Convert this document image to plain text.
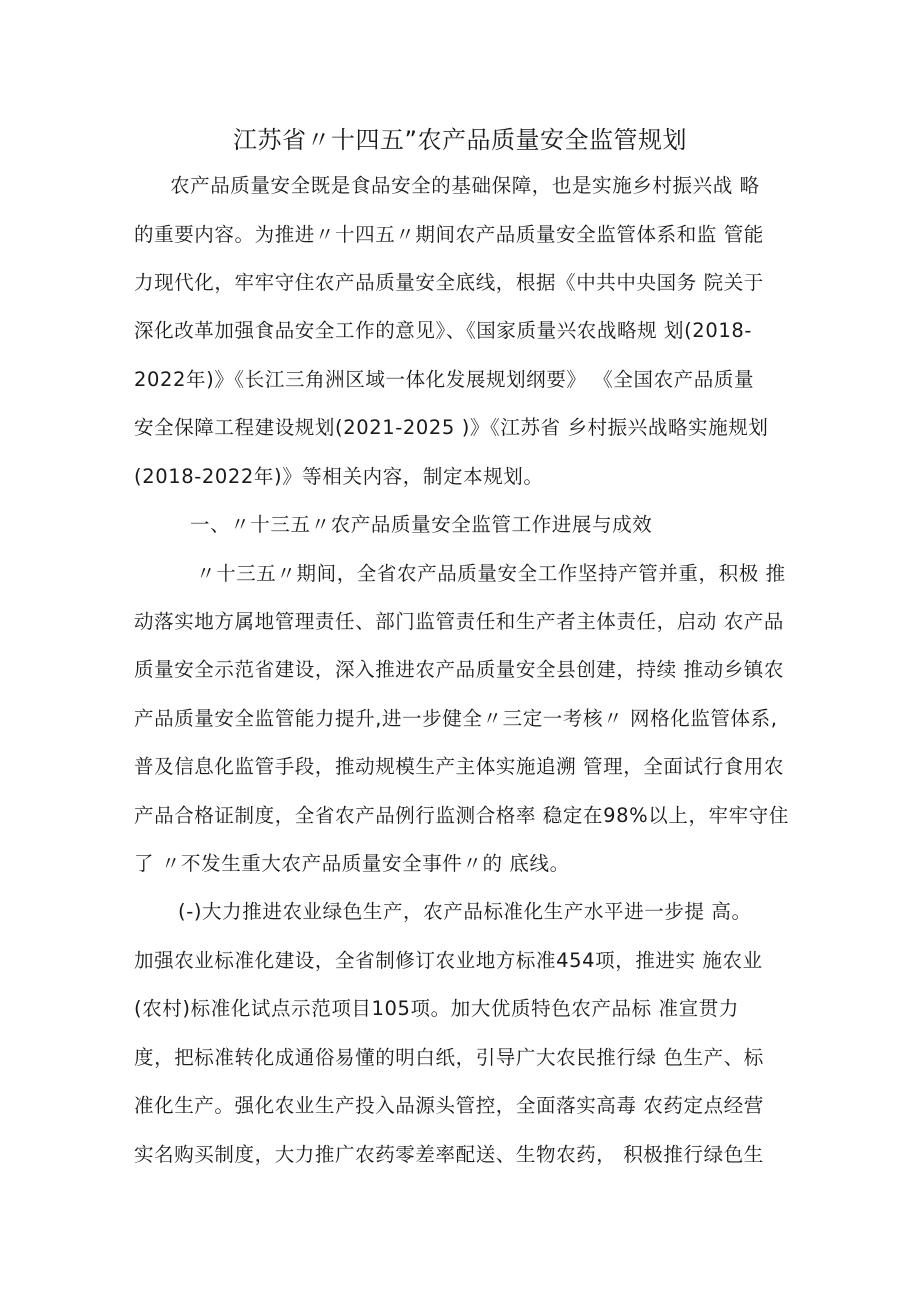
江苏省〃十四五”农产品质量安全监管规划
农产品质量安全既是食品安全的基础保障，也是实施乡村振兴战 略
的重要内容。为推进〃十四五〃期间农产品质量安全监管体系和监 管能
力现代化，牢牢守住农产品质量安全底线，根据《中共中央国务 院关于
深化改革加强食品安全工作的意见》、《国家质量兴农战略规 划(2018-
2022年)》《长江三角洲区域一体化发展规划纲要》 《全国农产品质量
安全保障工程建设规划(2021-2025 )》《江苏省 乡村振兴战略实施规划
(2018-2022年)》等相关内容，制定本规划。
一、〃十三五〃农产品质量安全监管工作进展与成效
〃十三五〃期间，全省农产品质量安全工作坚持产管并重，积极 推
动落实地方属地管理责任、部门监管责任和生产者主体责任，启动 农产品
质量安全示范省建设，深入推进农产品质量安全县创建，持续 推动乡镇农
产品质量安全监管能力提升,进一步健全〃三定一考核〃 网格化监管体系,
普及信息化监管手段，推动规模生产主体实施追溯 管理，全面试行食用农
产品合格证制度，全省农产品例行监测合格率 稳定在98%以上，牢牢守住
了 〃不发生重大农产品质量安全事件〃的 底线。
(-)大力推进农业绿色生产，农产品标准化生产水平进一步提 高。
加强农业标准化建设，全省制修订农业地方标准454项，推进实 施农业
(农村)标准化试点示范项目105项。加大优质特色农产品标 准宣贯力
度，把标准转化成通俗易懂的明白纸，引导广大农民推行绿 色生产、标
准化生产。强化农业生产投入品源头管控，全面落实高毒 农药定点经营
实名购买制度，大力推广农药零差率配送、生物农药， 积极推行绿色生
